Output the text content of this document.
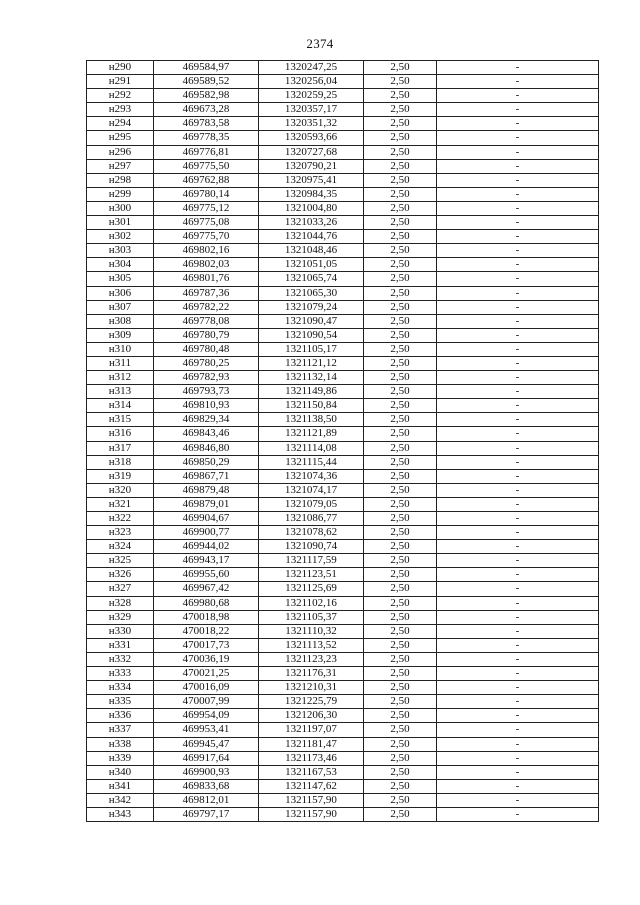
2374
н290	469584,97	1320247,25	2,50	-
н291	469589,52	1320256,04	2,50	-
н292	469582,98	1320259,25	2,50	-
н293	469673,28	1320357,17	2,50	-
н294	469783,58	1320351,32	2,50	-
н295	469778,35	1320593,66	2,50	-
н296	469776,81	1320727,68	2,50	-
н297	469775,50	1320790,21	2,50	-
н298	469762,88	1320975,41	2,50	-
н299	469780,14	1320984,35	2,50	-
н300	469775,12	1321004,80	2,50	-
н301	469775,08	1321033,26	2,50	-
н302	469775,70	1321044,76	2,50	-
н303	469802,16	1321048,46	2,50	-
н304	469802,03	1321051,05	2,50	-
н305	469801,76	1321065,74	2,50	-
н306	469787,36	1321065,30	2,50	-
н307	469782,22	1321079,24	2,50	-
н308	469778,08	1321090,47	2,50	-
н309	469780,79	1321090,54	2,50	-
н310	469780,48	1321105,17	2,50	-
н311	469780,25	1321121,12	2,50	-
н312	469782,93	1321132,14	2,50	-
н313	469793,73	1321149,86	2,50	-
н314	469810,93	1321150,84	2,50	-
н315	469829,34	1321138,50	2,50	-
н316	469843,46	1321121,89	2,50	-
н317	469846,80	1321114,08	2,50	-
н318	469850,29	1321115,44	2,50	-
н319	469867,71	1321074,36	2,50	-
н320	469879,48	1321074,17	2,50	-
н321	469879,01	1321079,05	2,50	-
н322	469904,67	1321086,77	2,50	-
н323	469900,77	1321078,62	2,50	-
н324	469944,02	1321090,74	2,50	-
н325	469943,17	1321117,59	2,50	-
н326	469955,60	1321123,51	2,50	-
н327	469967,42	1321125,69	2,50	-
н328	469980,68	1321102,16	2,50	-
н329	470018,98	1321105,37	2,50	-
н330	470018,22	1321110,32	2,50	-
н331	470017,73	1321113,52	2,50	-
н332	470036,19	1321123,23	2,50	-
н333	470021,25	1321176,31	2,50	-
н334	470016,09	1321210,31	2,50	-
н335	470007,99	1321225,79	2,50	-
н336	469954,09	1321206,30	2,50	-
н337	469953,41	1321197,07	2,50	-
н338	469945,47	1321181,47	2,50	-
н339	469917,64	1321173,46	2,50	-
н340	469900,93	1321167,53	2,50	-
н341	469833,68	1321147,62	2,50	-
н342	469812,01	1321157,90	2,50	-
н343	469797,17	1321157,90	2,50	-
